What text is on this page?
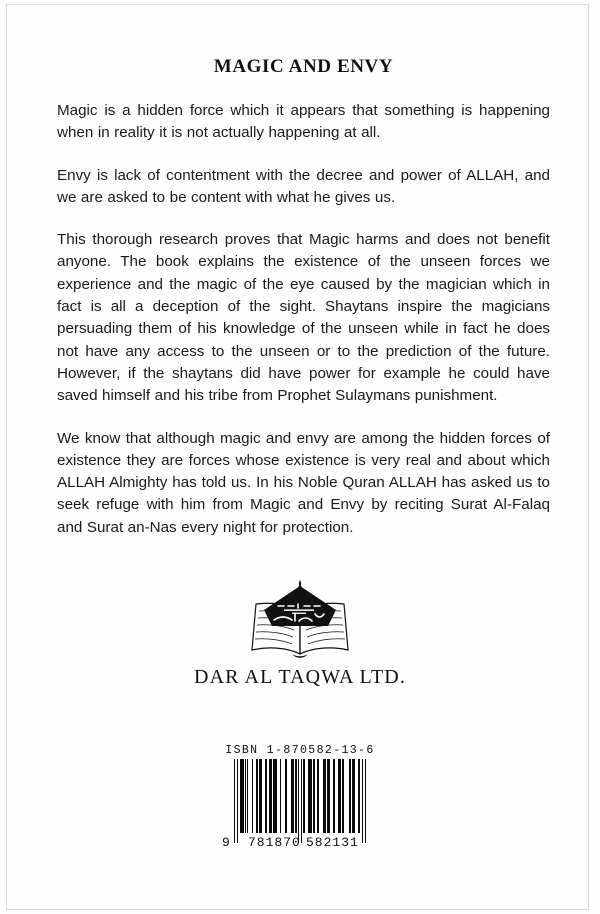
MAGIC AND ENVY

Magic is a hidden force which it appears that something is happening when in reality it is not actually happening at all.

Envy is lack of contentment with the decree and power of ALLAH, and we are asked to be content with what he gives us.

This thorough research proves that Magic harms and does not benefit anyone. The book explains the existence of the unseen forces we experience and the magic of the eye caused by the magician which in fact is all a deception of the sight. Shaytans inspire the magicians persuading them of his knowledge of the unseen while in fact he does not have any access to the unseen or to the prediction of the future. However, if the shaytans did have power for example he could have saved himself and his tribe from Prophet Sulaymans punishment.

We know that although magic and envy are among the hidden forces of existence they are forces whose existence is very real and about which ALLAH Almighty has told us. In his Noble Quran ALLAH has asked us to seek refuge with him from Magic and Envy by reciting Surat Al-Falaq and Surat an-Nas every night for protection.

DAR AL TAQWA LTD.
ISBN 1-870582-13-6
9 781870 582131
